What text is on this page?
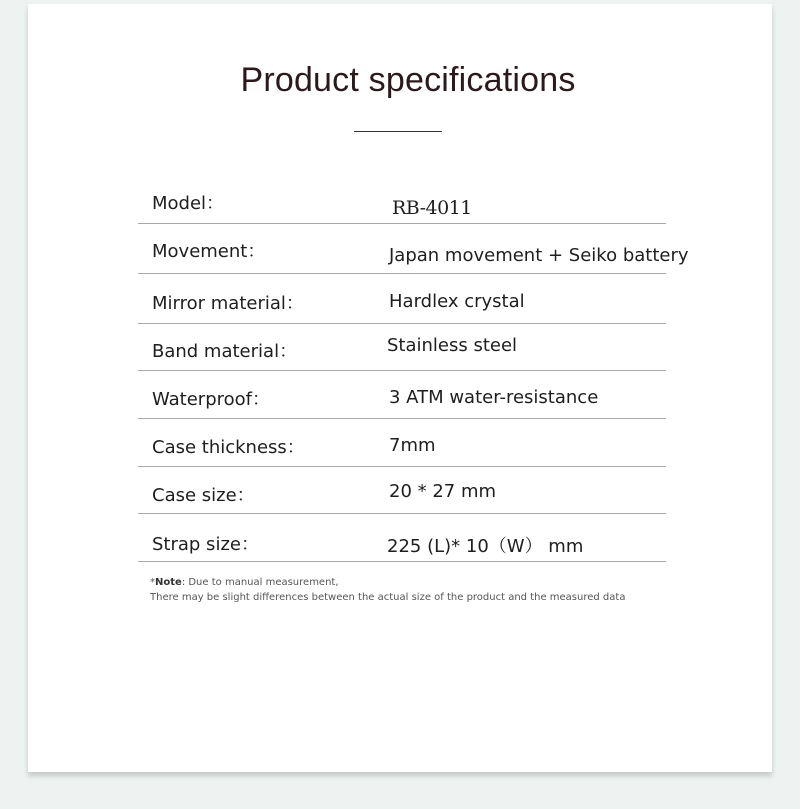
Product specifications
Model：	RB-4011
Movement：	Japan movement + Seiko battery
Mirror material：	Hardlex crystal
Band material：	Stainless steel
Waterproof：	3 ATM water-resistance
Case thickness：	7mm
Case size：	20 * 27 mm
Strap size：	225 (L)* 10（W） mm
*Note: Due to manual measurement,
There may be slight differences between the actual size of the product and the measured data
